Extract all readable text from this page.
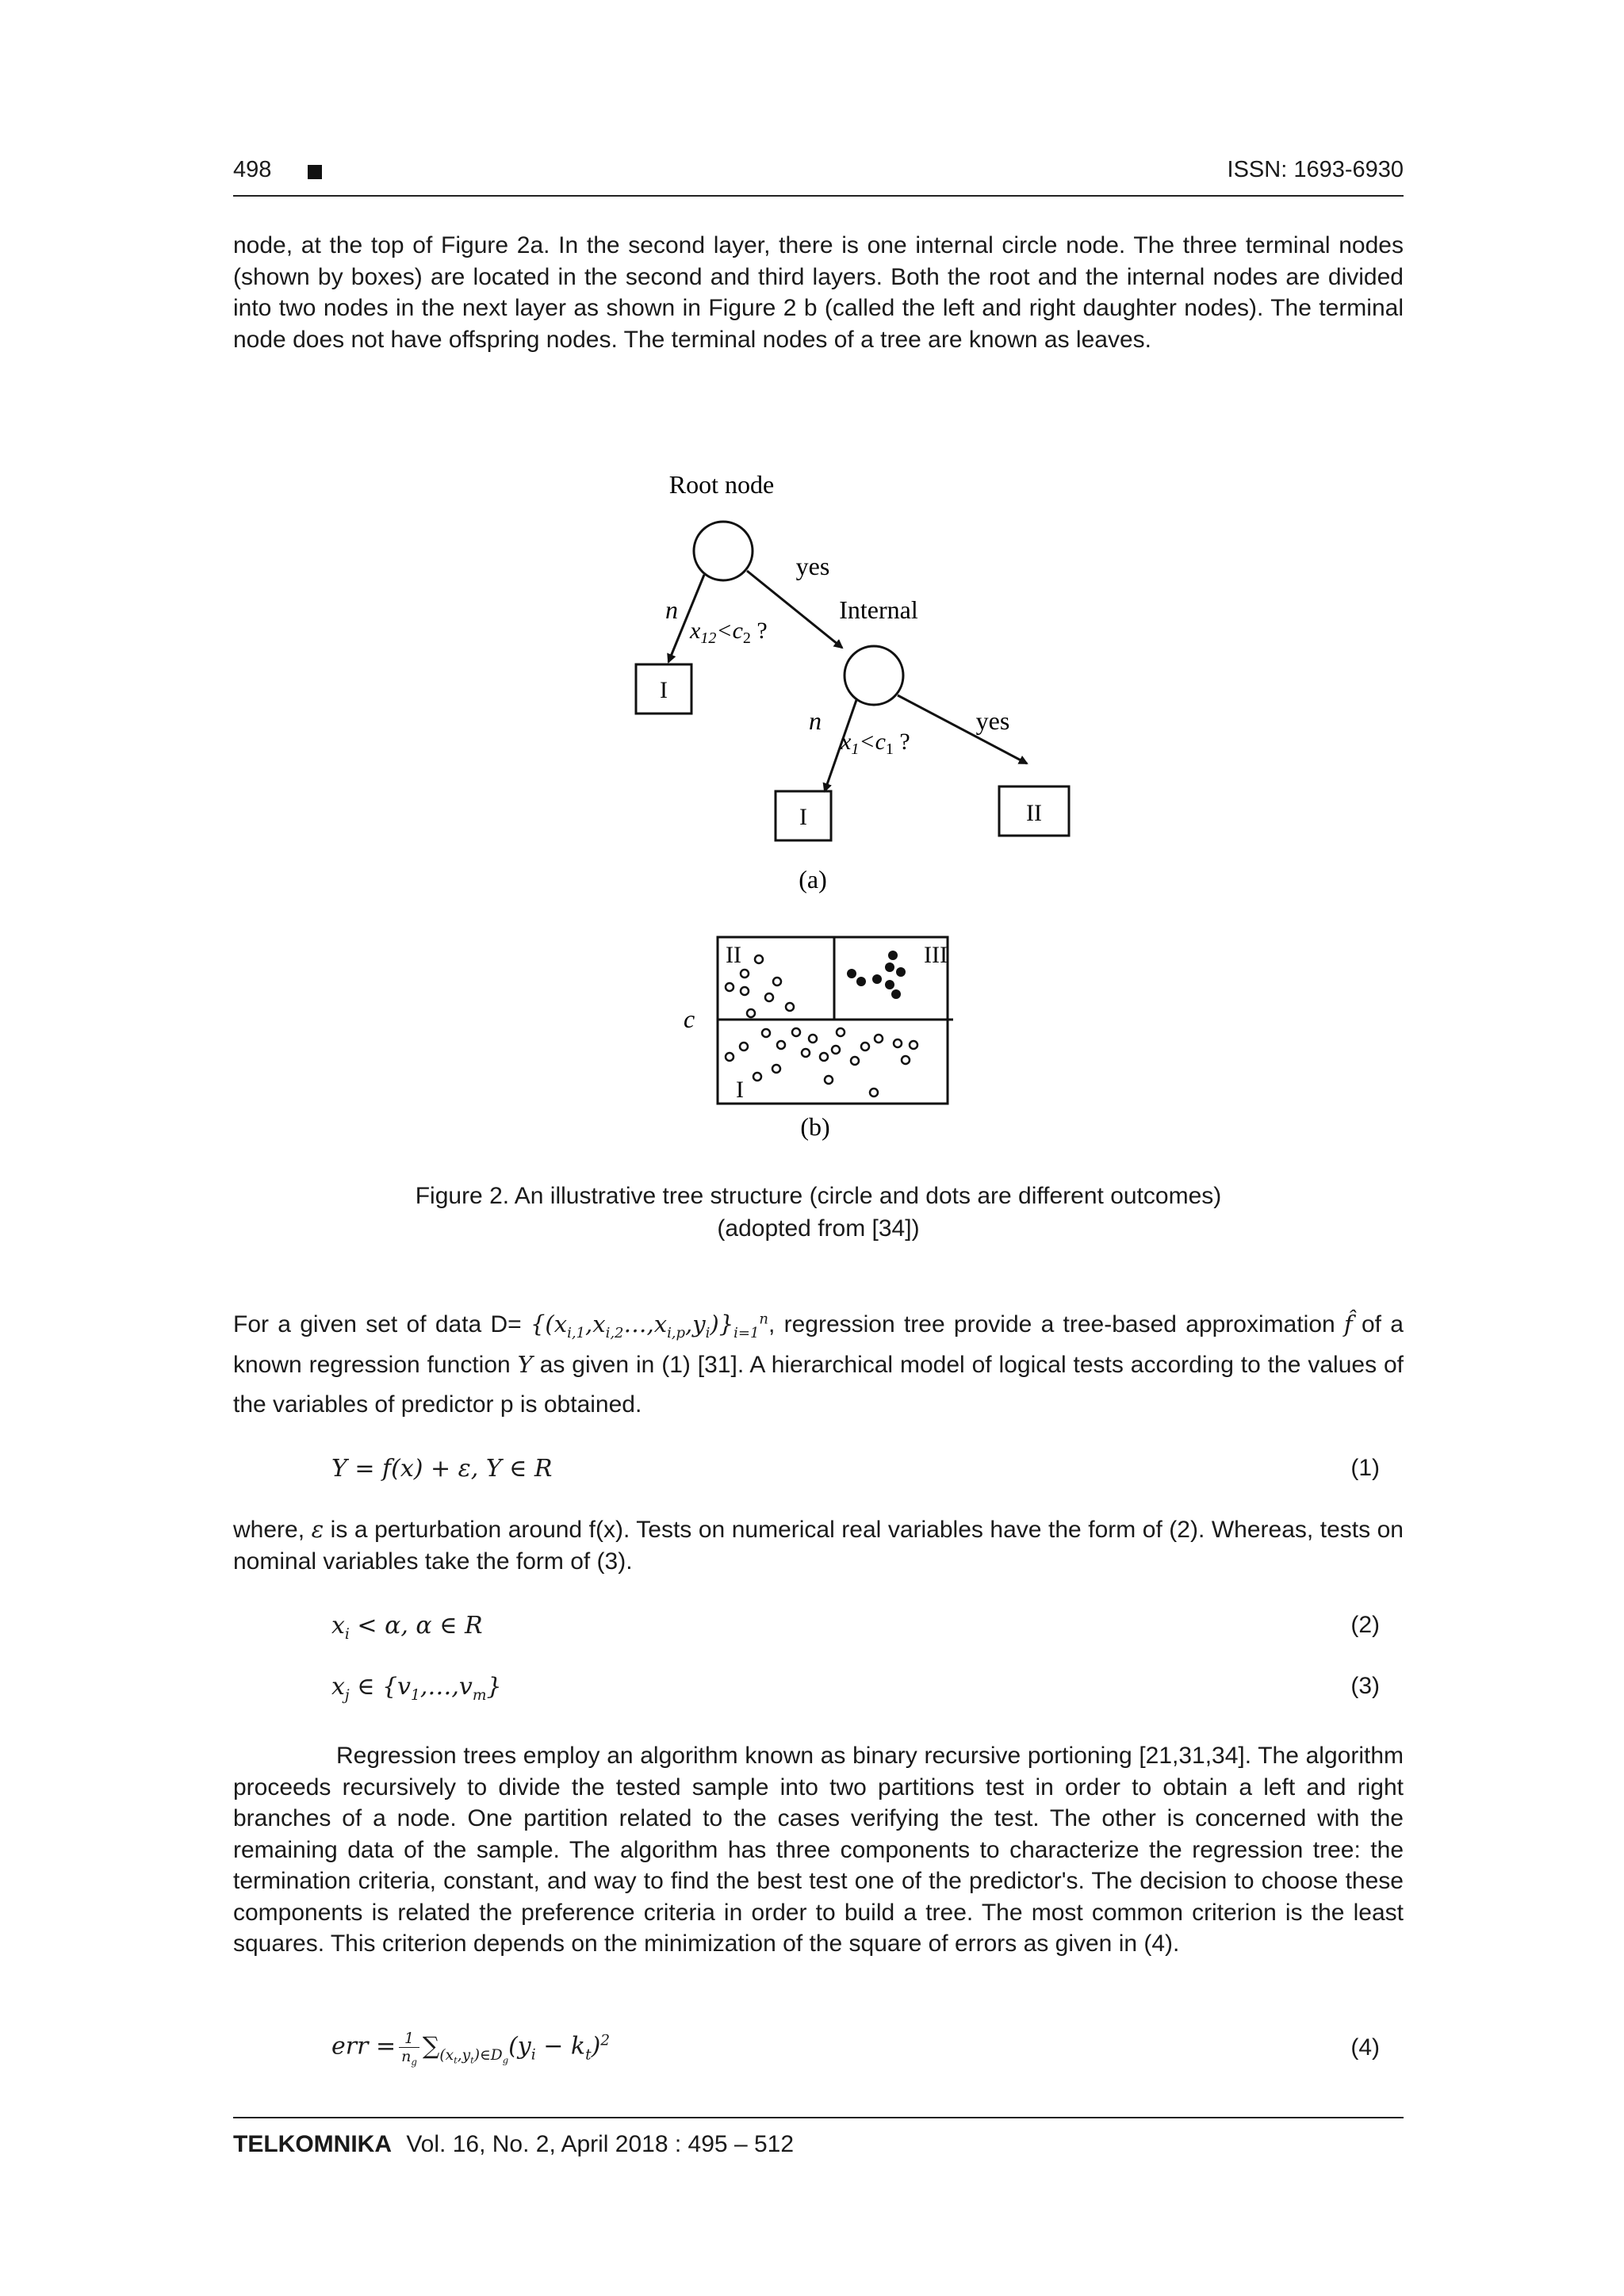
498	ISSN: 1693-6930

node, at the top of Figure 2a. In the second layer, there is one internal circle node. The three terminal nodes (shown by boxes) are located in the second and third layers. Both the root and the internal nodes are divided into two nodes in the next layer as shown in Figure 2 b (called the left and right daughter nodes). The terminal node does not have offspring nodes. The terminal nodes of a tree are known as leaves.

Root node
yes
n
$x_{12}<c_2$ ?
Internal
I
n	yes
$x_1<c_1$ ?
I	II
(a)
c
II	III
I
(b)
Figure 2. An illustrative tree structure (circle and dots are different outcomes)
(adopted from [34])

For a given set of data $D= \{(x_{i,1},x_{i,2}\dots,x_{i,p},y_i)\}_{i=1}^n$, regression tree provide a tree-based approximation f̂ of a known regression function Y as given in (1) [31]. A hierarchical model of logical tests according to the values of the variables of predictor p is obtained.

Y = f(x) + ε, Y ∈ R	(1)

where, ε is a perturbation around f(x). Tests on numerical real variables have the form of (2). Whereas, tests on nominal variables take the form of (3).

$x_i < \alpha$, α ∈ R	(2)
$x_j$ ∈ $\{v_1,\dots,v_m\}$	(3)

Regression trees employ an algorithm known as binary recursive portioning [21,31,34]. The algorithm proceeds recursively to divide the tested sample into two partitions test in order to obtain a left and right branches of a node. One partition related to the cases verifying the test. The other is concerned with the remaining data of the sample. The algorithm has three components to characterize the regression tree: the termination criteria, constant, and way to find the best test one of the predictor's. The decision to choose these components is related the preference criteria in order to build a tree. The most common criterion is the least squares. This criterion depends on the minimization of the square of errors as given in (4).

err = $\frac{1}{n_g} \sum_{(x_t,y_t)\in D_g}(y_i - k_t)^2$	(4)
TELKOMNIKA Vol. 16, No. 2, April 2018 : 495 – 512
